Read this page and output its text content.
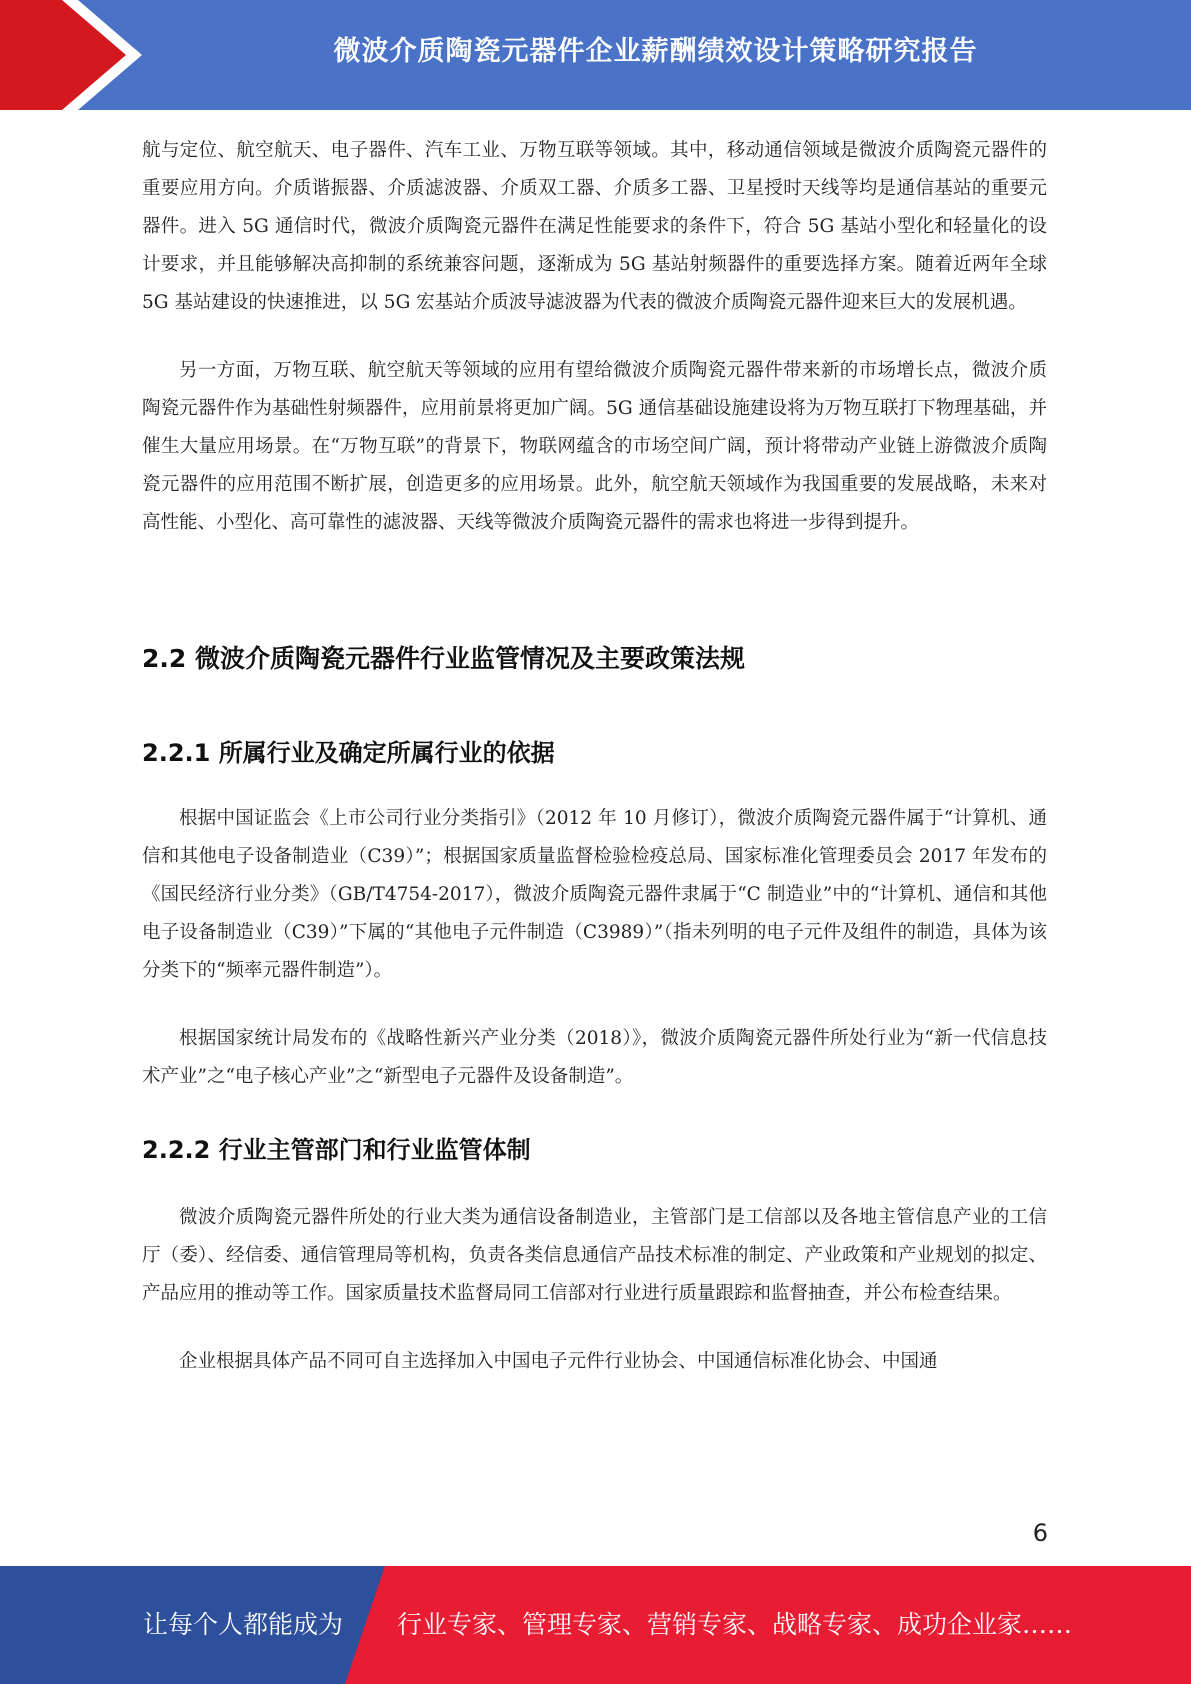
微波介质陶瓷元器件企业薪酬绩效设计策略研究报告

航与定位、航空航天、电子器件、汽车工业、万物互联等领域。其中，移动通信领域是微波介质陶瓷元器件的重要应用方向。介质谐振器、介质滤波器、介质双工器、介质多工器、卫星授时天线等均是通信基站的重要元器件。进入 5G 通信时代，微波介质陶瓷元器件在满足性能要求的条件下，符合 5G 基站小型化和轻量化的设计要求，并且能够解决高抑制的系统兼容问题，逐渐成为 5G 基站射频器件的重要选择方案。随着近两年全球 5G 基站建设的快速推进，以 5G 宏基站介质波导滤波器为代表的微波介质陶瓷元器件迎来巨大的发展机遇。

另一方面，万物互联、航空航天等领域的应用有望给微波介质陶瓷元器件带来新的市场增长点，微波介质陶瓷元器件作为基础性射频器件，应用前景将更加广阔。5G 通信基础设施建设将为万物互联打下物理基础，并催生大量应用场景。在“万物互联”的背景下，物联网蕴含的市场空间广阔，预计将带动产业链上游微波介质陶瓷元器件的应用范围不断扩展，创造更多的应用场景。此外，航空航天领域作为我国重要的发展战略，未来对高性能、小型化、高可靠性的滤波器、天线等微波介质陶瓷元器件的需求也将进一步得到提升。

2.2 微波介质陶瓷元器件行业监管情况及主要政策法规
2.2.1 所属行业及确定所属行业的依据

根据中国证监会《上市公司行业分类指引》（2012 年 10 月修订），微波介质陶瓷元器件属于“计算机、通信和其他电子设备制造业（C39）”；根据国家质量监督检验检疫总局、国家标准化管理委员会 2017 年发布的《国民经济行业分类》（GB/T4754-2017），微波介质陶瓷元器件隶属于“C 制造业”中的“计算机、通信和其他电子设备制造业（C39）”下属的“其他电子元件制造（C3989）”（指未列明的电子元件及组件的制造，具体为该分类下的“频率元器件制造”）。

根据国家统计局发布的《战略性新兴产业分类（2018）》，微波介质陶瓷元器件所处行业为“新一代信息技术产业”之“电子核心产业”之“新型电子元器件及设备制造”。

2.2.2 行业主管部门和行业监管体制

微波介质陶瓷元器件所处的行业大类为通信设备制造业，主管部门是工信部以及各地主管信息产业的工信厅（委）、经信委、通信管理局等机构，负责各类信息通信产品技术标准的制定、产业政策和产业规划的拟定、产品应用的推动等工作。国家质量技术监督局同工信部对行业进行质量跟踪和监督抽查，并公布检查结果。

企业根据具体产品不同可自主选择加入中国电子元件行业协会、中国通信标准化协会、中国通

6
让每个人都能成为 行业专家、管理专家、营销专家、战略专家、成功企业家……
